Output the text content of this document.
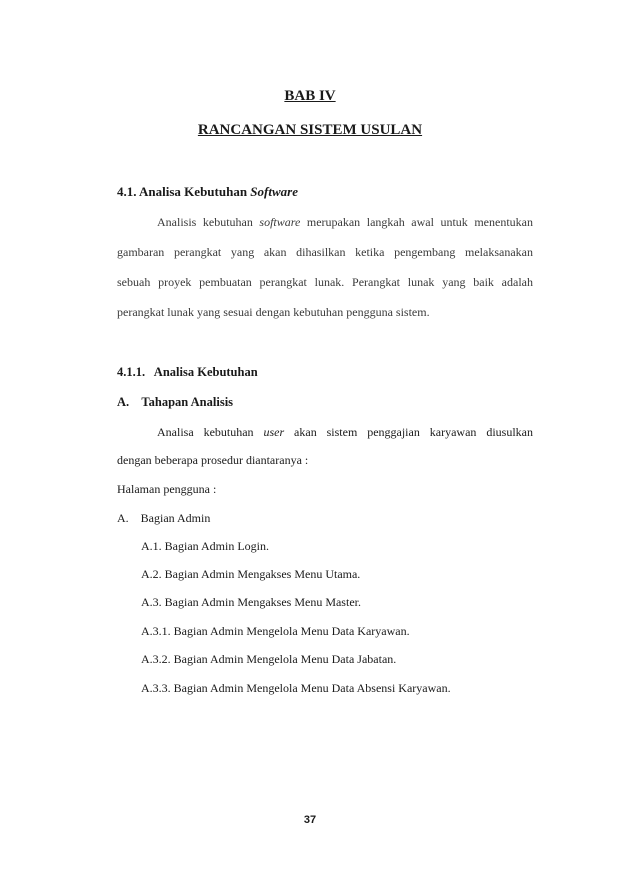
BAB IV

RANCANGAN SISTEM USULAN

4.1. Analisa Kebutuhan Software

Analisis kebutuhan software merupakan langkah awal untuk menentukan

gambaran perangkat yang akan dihasilkan ketika pengembang melaksanakan

sebuah proyek pembuatan perangkat lunak. Perangkat lunak yang baik adalah

perangkat lunak yang sesuai dengan kebutuhan pengguna sistem.

4.1.1.   Analisa Kebutuhan

A.    Tahapan Analisis

Analisa kebutuhan user akan sistem penggajian karyawan diusulkan

dengan beberapa prosedur diantaranya :

Halaman pengguna :

A.    Bagian Admin

A.1. Bagian Admin Login.

A.2. Bagian Admin Mengakses Menu Utama.

A.3. Bagian Admin Mengakses Menu Master.

A.3.1. Bagian Admin Mengelola Menu Data Karyawan.

A.3.2. Bagian Admin Mengelola Menu Data Jabatan.

A.3.3. Bagian Admin Mengelola Menu Data Absensi Karyawan.

37
